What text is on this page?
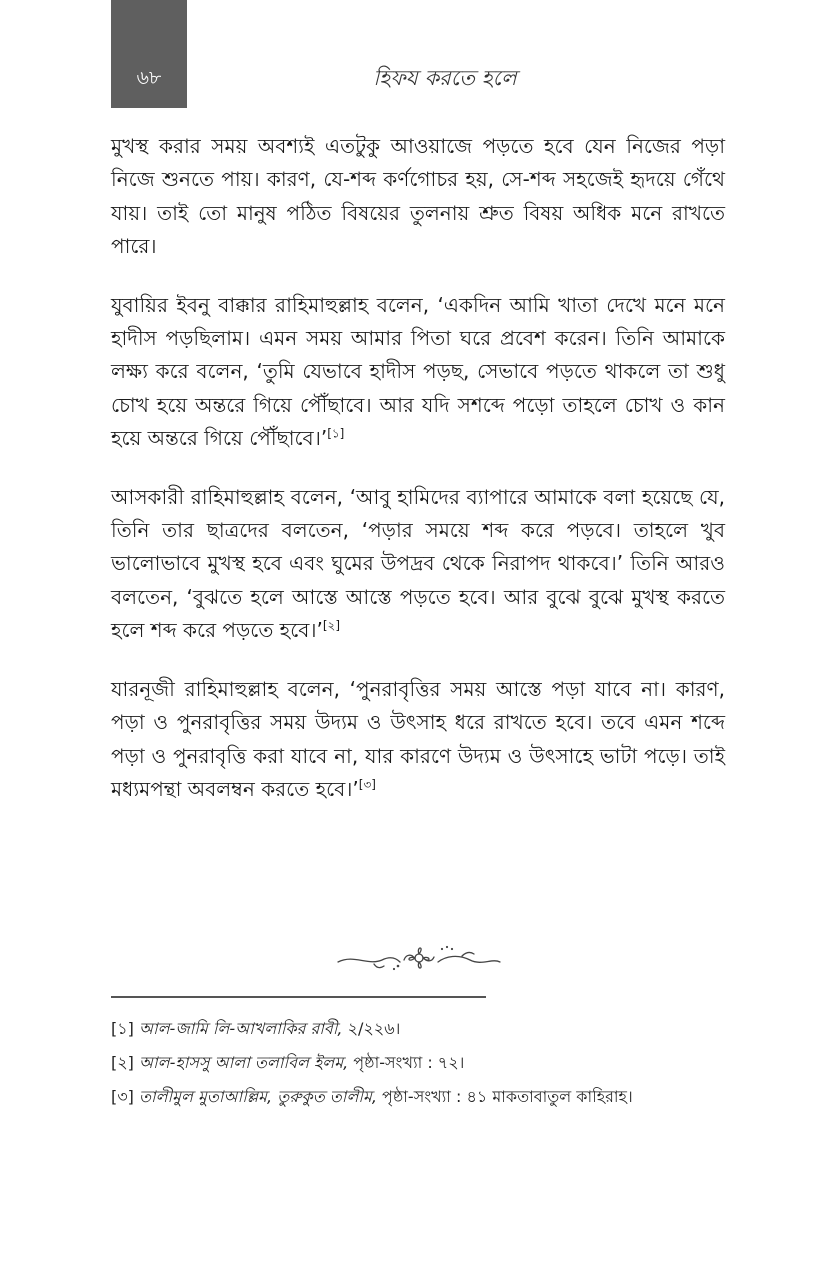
৬৮	হিফয করতে হলে

মুখস্থ করার সময় অবশ্যই এতটুকু আওয়াজে পড়তে হবে যেন নিজের পড়া নিজে শুনতে পায়। কারণ, যে-শব্দ কর্ণগোচর হয়, সে-শব্দ সহজেই হৃদয়ে গেঁথে যায়। তাই তো মানুষ পঠিত বিষয়ের তুলনায় শ্রুত বিষয় অধিক মনে রাখতে পারে।

যুবায়ির ইবনু বাক্কার রাহিমাহুল্লাহ বলেন, ‘একদিন আমি খাতা দেখে মনে মনে হাদীস পড়ছিলাম। এমন সময় আমার পিতা ঘরে প্রবেশ করেন। তিনি আমাকে লক্ষ্য করে বলেন, ‘তুমি যেভাবে হাদীস পড়ছ, সেভাবে পড়তে থাকলে তা শুধু চোখ হয়ে অন্তরে গিয়ে পৌঁছাবে। আর যদি সশব্দে পড়ো তাহলে চোখ ও কান হয়ে অন্তরে গিয়ে পৌঁছাবে।’[১]

আসকারী রাহিমাহুল্লাহ বলেন, ‘আবু হামিদের ব্যাপারে আমাকে বলা হয়েছে যে, তিনি তার ছাত্রদের বলতেন, ‘পড়ার সময়ে শব্দ করে পড়বে। তাহলে খুব ভালোভাবে মুখস্থ হবে এবং ঘুমের উপদ্রব থেকে নিরাপদ থাকবে।’ তিনি আরও বলতেন, ‘বুঝতে হলে আস্তে আস্তে পড়তে হবে। আর বুঝে বুঝে মুখস্থ করতে হলে শব্দ করে পড়তে হবে।’[২]

যারনূজী রাহিমাহুল্লাহ বলেন, ‘পুনরাবৃত্তির সময় আস্তে পড়া যাবে না। কারণ, পড়া ও পুনরাবৃত্তির সময় উদ্যম ও উৎসাহ ধরে রাখতে হবে। তবে এমন শব্দে পড়া ও পুনরাবৃত্তি করা যাবে না, যার কারণে উদ্যম ও উৎসাহে ভাটা পড়ে। তাই মধ্যমপন্থা অবলম্বন করতে হবে।’[৩]

[১] আল-জামি লি-আখলাকির রাবী, ২/২২৬।
[২] আল-হাসসু আলা তলাবিল ইলম, পৃষ্ঠা-সংখ্যা : ৭২।
[৩] তালীমুল মুতাআল্লিম, তুরুকুত তালীম, পৃষ্ঠা-সংখ্যা : ৪১ মাকতাবাতুল কাহিরাহ।
